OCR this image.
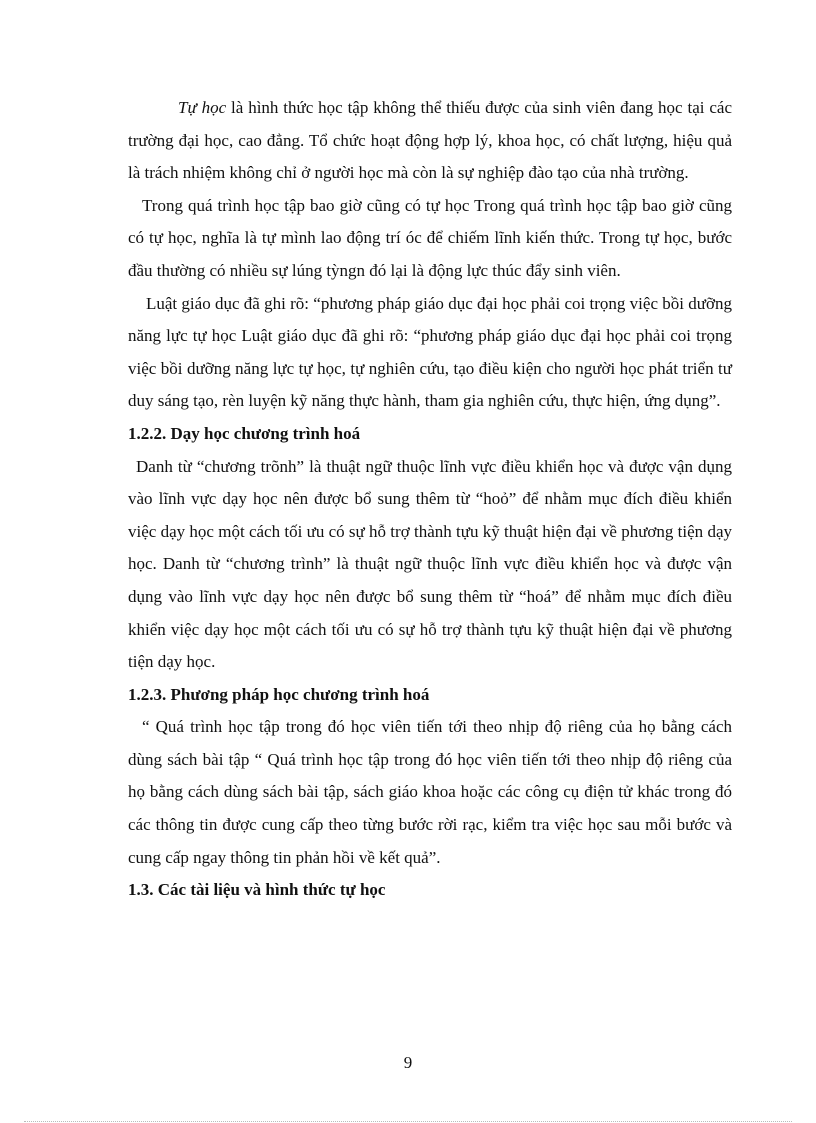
Tự học là hình thức học tập không thể thiếu được của sinh viên đang học tại các trường đại học, cao đẳng. Tổ chức hoạt động hợp lý, khoa học, có chất lượng, hiệu quả là trách nhiệm không chỉ ở người học mà còn là sự nghiệp đào tạo của nhà trường.

Trong quá trình học tập bao giờ cũng có tự học Trong quá trình học tập bao giờ cũng có tự học, nghĩa là tự mình lao động trí óc để chiếm lĩnh kiến thức. Trong tự học, bước đầu thường có nhiều sự lúng tỳngn đó lại là động lực thúc đẩy sinh viên.

Luật giáo dục đã ghi rõ: “phương pháp giáo dục đại học phải coi trọng việc bồi dưỡng năng lực tự học Luật giáo dục đã ghi rõ: “phương pháp giáo dục đại học phải coi trọng việc bồi dưỡng năng lực tự học, tự nghiên cứu, tạo điều kiện cho người học phát triển tư duy sáng tạo, rèn luyện kỹ năng thực hành, tham gia nghiên cứu, thực hiện, ứng dụng”.

1.2.2. Dạy học chương trình hoá

Danh từ “chương trõnh” là thuật ngữ thuộc lĩnh vực điều khiển học và được vận dụng vào lĩnh vực dạy học nên được bổ sung thêm từ “hoỏ” để nhằm mục đích điều khiển việc dạy học một cách tối ưu có sự hỗ trợ thành tựu kỹ thuật hiện đại về phương tiện dạy học. Danh từ “chương trình” là thuật ngữ thuộc lĩnh vực điều khiển học và được vận dụng vào lĩnh vực dạy học nên được bổ sung thêm từ “hoá” để nhằm mục đích điều khiển việc dạy học một cách tối ưu có sự hỗ trợ thành tựu kỹ thuật hiện đại về phương tiện dạy học.

1.2.3. Phương pháp học chương trình hoá

“ Quá trình học tập trong đó học viên tiến tới theo nhịp độ riêng của họ bằng cách dùng sách bài tập “ Quá trình học tập trong đó học viên tiến tới theo nhịp độ riêng của họ bằng cách dùng sách bài tập, sách giáo khoa hoặc các công cụ điện tử khác trong đó các thông tin được cung cấp theo từng bước rời rạc, kiểm tra việc học sau mỗi bước và cung cấp ngay thông tin phản hồi về kết quả”.

1.3. Các tài liệu và hình thức tự học

9
